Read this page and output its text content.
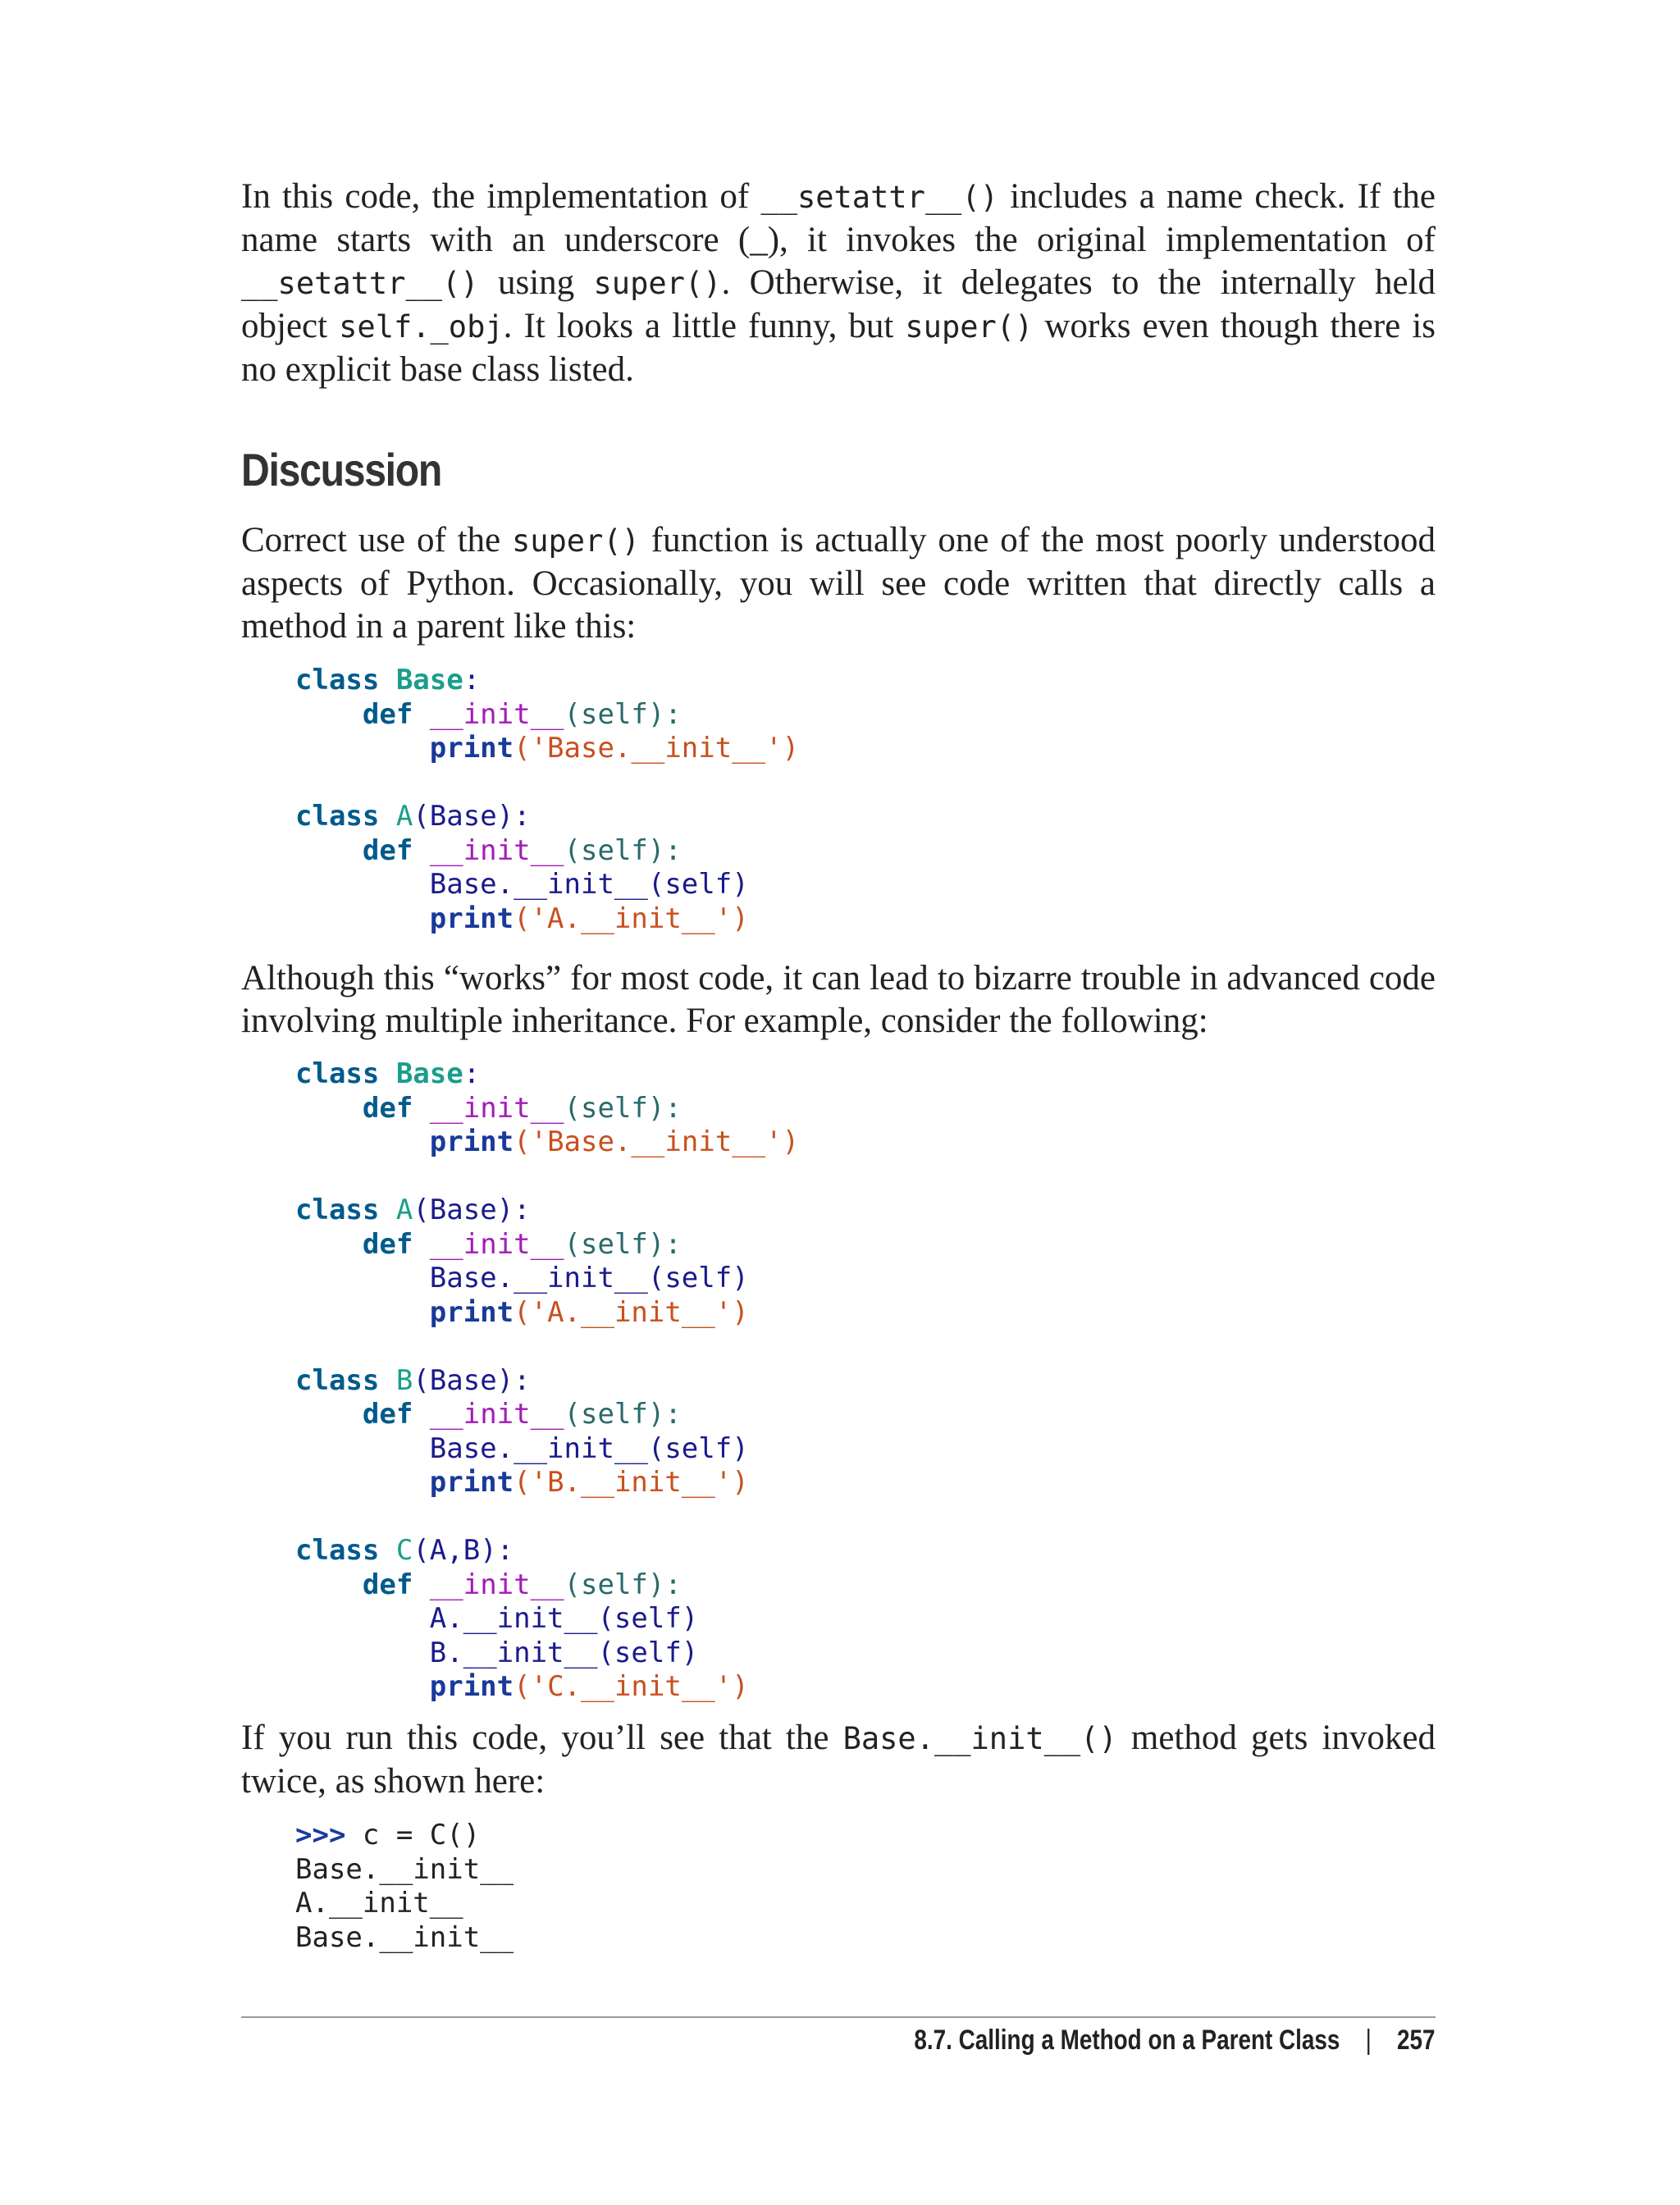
In this code, the implementation of __setattr__() includes a name check. If the name starts with an underscore (_), it invokes the original implementation of __setattr__() using super(). Otherwise, it delegates to the internally held object self._obj. It looks a little funny, but super() works even though there is no explicit base class listed.

Discussion

Correct use of the super() function is actually one of the most poorly understood aspects of Python. Occasionally, you will see code written that directly calls a method in a parent like this:

class Base:
def __init__(self):
print('Base.__init__')

class A(Base):
def __init__(self):
Base.__init__(self)
print('A.__init__')

Although this “works” for most code, it can lead to bizarre trouble in advanced code involving multiple inheritance. For example, consider the following:

class Base:
def __init__(self):
print('Base.__init__')

class A(Base):
def __init__(self):
Base.__init__(self)
print('A.__init__')

class B(Base):
def __init__(self):
Base.__init__(self)
print('B.__init__')

class C(A,B):
def __init__(self):
A.__init__(self)
B.__init__(self)
print('C.__init__')

If you run this code, you’ll see that the Base.__init__() method gets invoked twice, as shown here:

>>> c = C()
Base.__init__
A.__init__
Base.__init__
8.7. Calling a Method on a Parent Class | 257
